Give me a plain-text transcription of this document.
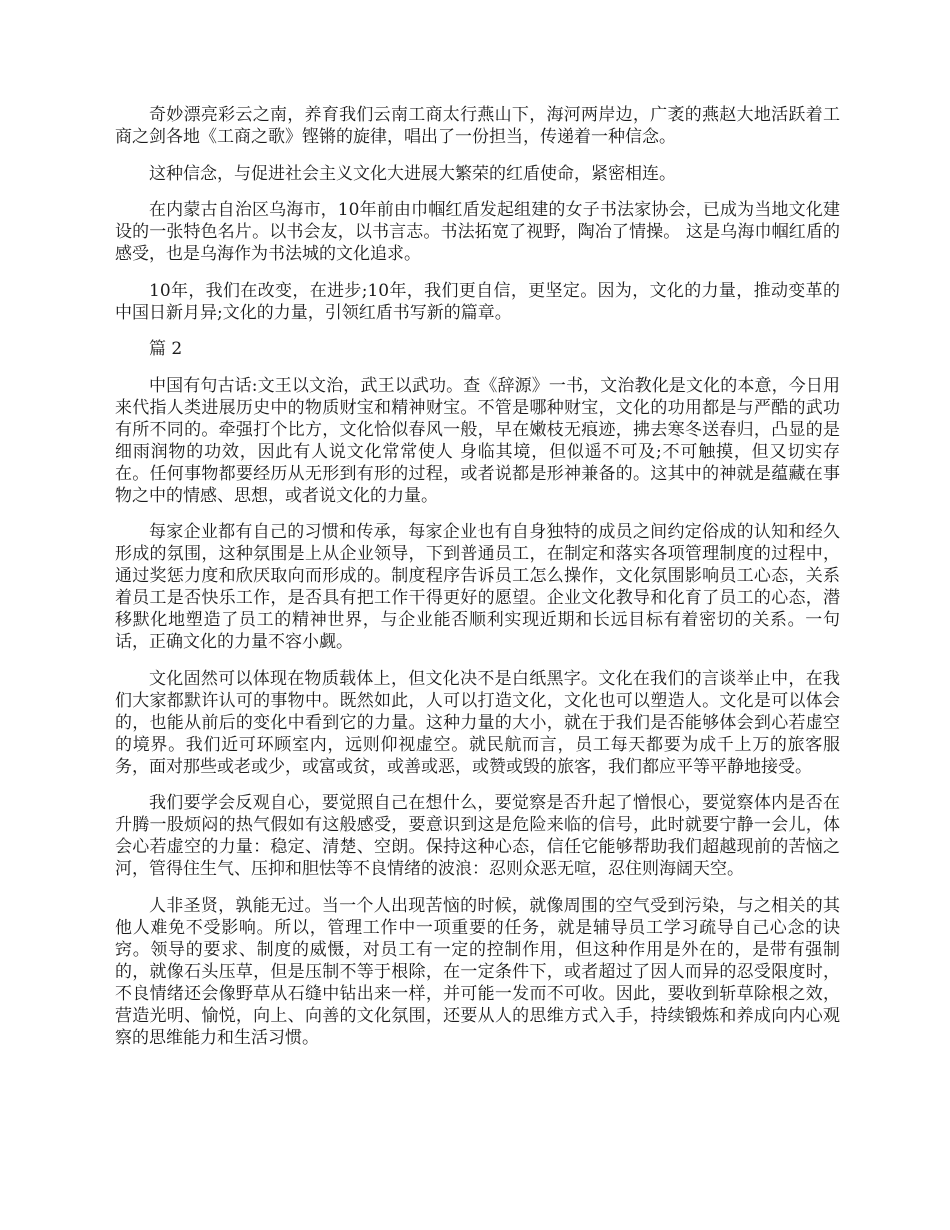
奇妙漂亮彩云之南，养育我们云南工商太行燕山下，海河两岸边，广袤的燕赵大地活跃着工商之剑各地《工商之歌》铿锵的旋律，唱出了一份担当，传递着一种信念。

这种信念，与促进社会主义文化大进展大繁荣的红盾使命，紧密相连。

在内蒙古自治区乌海市，10年前由巾帼红盾发起组建的女子书法家协会，已成为当地文化建设的一张特色名片。以书会友，以书言志。书法拓宽了视野，陶冶了情操。 这是乌海巾帼红盾的感受，也是乌海作为书法城的文化追求。

10年，我们在改变，在进步;10年，我们更自信，更坚定。因为，文化的力量，推动变革的中国日新月异;文化的力量，引领红盾书写新的篇章。

篇 2

中国有句古话:文王以文治，武王以武功。查《辞源》一书，文治教化是文化的本意，今日用来代指人类进展历史中的物质财宝和精神财宝。不管是哪种财宝，文化的功用都是与严酷的武功 有所不同的。牵强打个比方，文化恰似春风一般，早在嫩枝无痕迹，拂去寒冬送春归，凸显的是细雨润物的功效，因此有人说文化常常使人 身临其境，但似遥不可及;不可触摸，但又切实存在。任何事物都要经历从无形到有形的过程，或者说都是形神兼备的。这其中的神就是蕴藏在事物之中的情感、思想，或者说文化的力量。

每家企业都有自己的习惯和传承，每家企业也有自身独特的成员之间约定俗成的认知和经久形成的氛围，这种氛围是上从企业领导，下到普通员工，在制定和落实各项管理制度的过程中，通过奖惩力度和欣厌取向而形成的。制度程序告诉员工怎么操作，文化氛围影响员工心态，关系着员工是否快乐工作，是否具有把工作干得更好的愿望。企业文化教导和化育了员工的心态，潜移默化地塑造了员工的精神世界，与企业能否顺利实现近期和长远目标有着密切的关系。一句话，正确文化的力量不容小觑。

文化固然可以体现在物质载体上，但文化决不是白纸黑字。文化在我们的言谈举止中，在我们大家都默许认可的事物中。既然如此，人可以打造文化，文化也可以塑造人。文化是可以体会的，也能从前后的变化中看到它的力量。这种力量的大小，就在于我们是否能够体会到心若虚空的境界。我们近可环顾室内，远则仰视虚空。就民航而言，员工每天都要为成千上万的旅客服务，面对那些或老或少，或富或贫，或善或恶，或赞或毁的旅客，我们都应平等平静地接受。

我们要学会反观自心，要觉照自己在想什么，要觉察是否升起了憎恨心，要觉察体内是否在升腾一股烦闷的热气假如有这般感受，要意识到这是危险来临的信号，此时就要宁静一会儿，体会心若虚空的力量：稳定、清楚、空朗。保持这种心态，信任它能够帮助我们超越现前的苦恼之河，管得住生气、压抑和胆怯等不良情绪的波浪：忍则众恶无喧，忍住则海阔天空。

人非圣贤，孰能无过。当一个人出现苦恼的时候，就像周围的空气受到污染，与之相关的其他人难免不受影响。所以，管理工作中一项重要的任务，就是辅导员工学习疏导自己心念的诀窍。领导的要求、制度的威慑，对员工有一定的控制作用，但这种作用是外在的，是带有强制的，就像石头压草，但是压制不等于根除，在一定条件下，或者超过了因人而异的忍受限度时，不良情绪还会像野草从石缝中钻出来一样，并可能一发而不可收。因此，要收到斩草除根之效，营造光明、愉悦，向上、向善的文化氛围，还要从人的思维方式入手，持续锻炼和养成向内心观察的思维能力和生活习惯。
